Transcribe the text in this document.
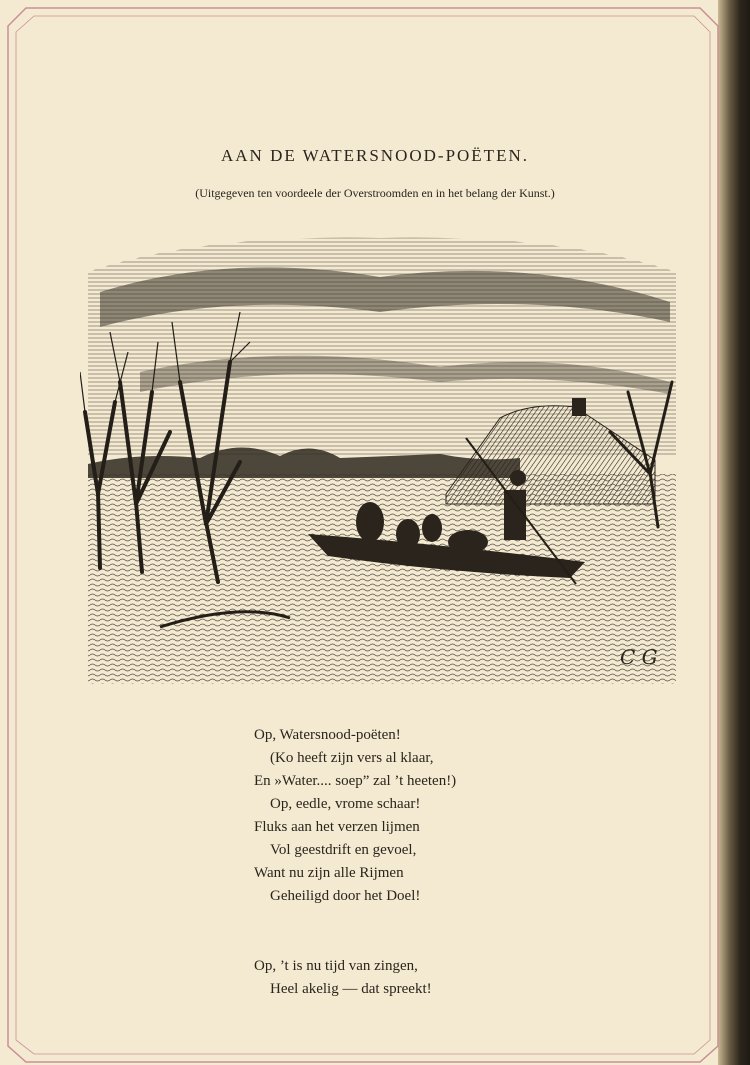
AAN DE WATERSNOOD-POËTEN.
(Uitgegeven ten voordeele der Overstroomden en in het belang der Kunst.)
C G
Op, Watersnood-poëten!
(Ko heeft zijn vers al klaar,
En »Water.... soep” zal ’t heeten!)
Op, eedle, vrome schaar!
Fluks aan het verzen lijmen
Vol geestdrift en gevoel,
Want nu zijn alle Rijmen
Geheiligd door het Doel!
Op, ’t is nu tijd van zingen,
Heel akelig — dat spreekt!
